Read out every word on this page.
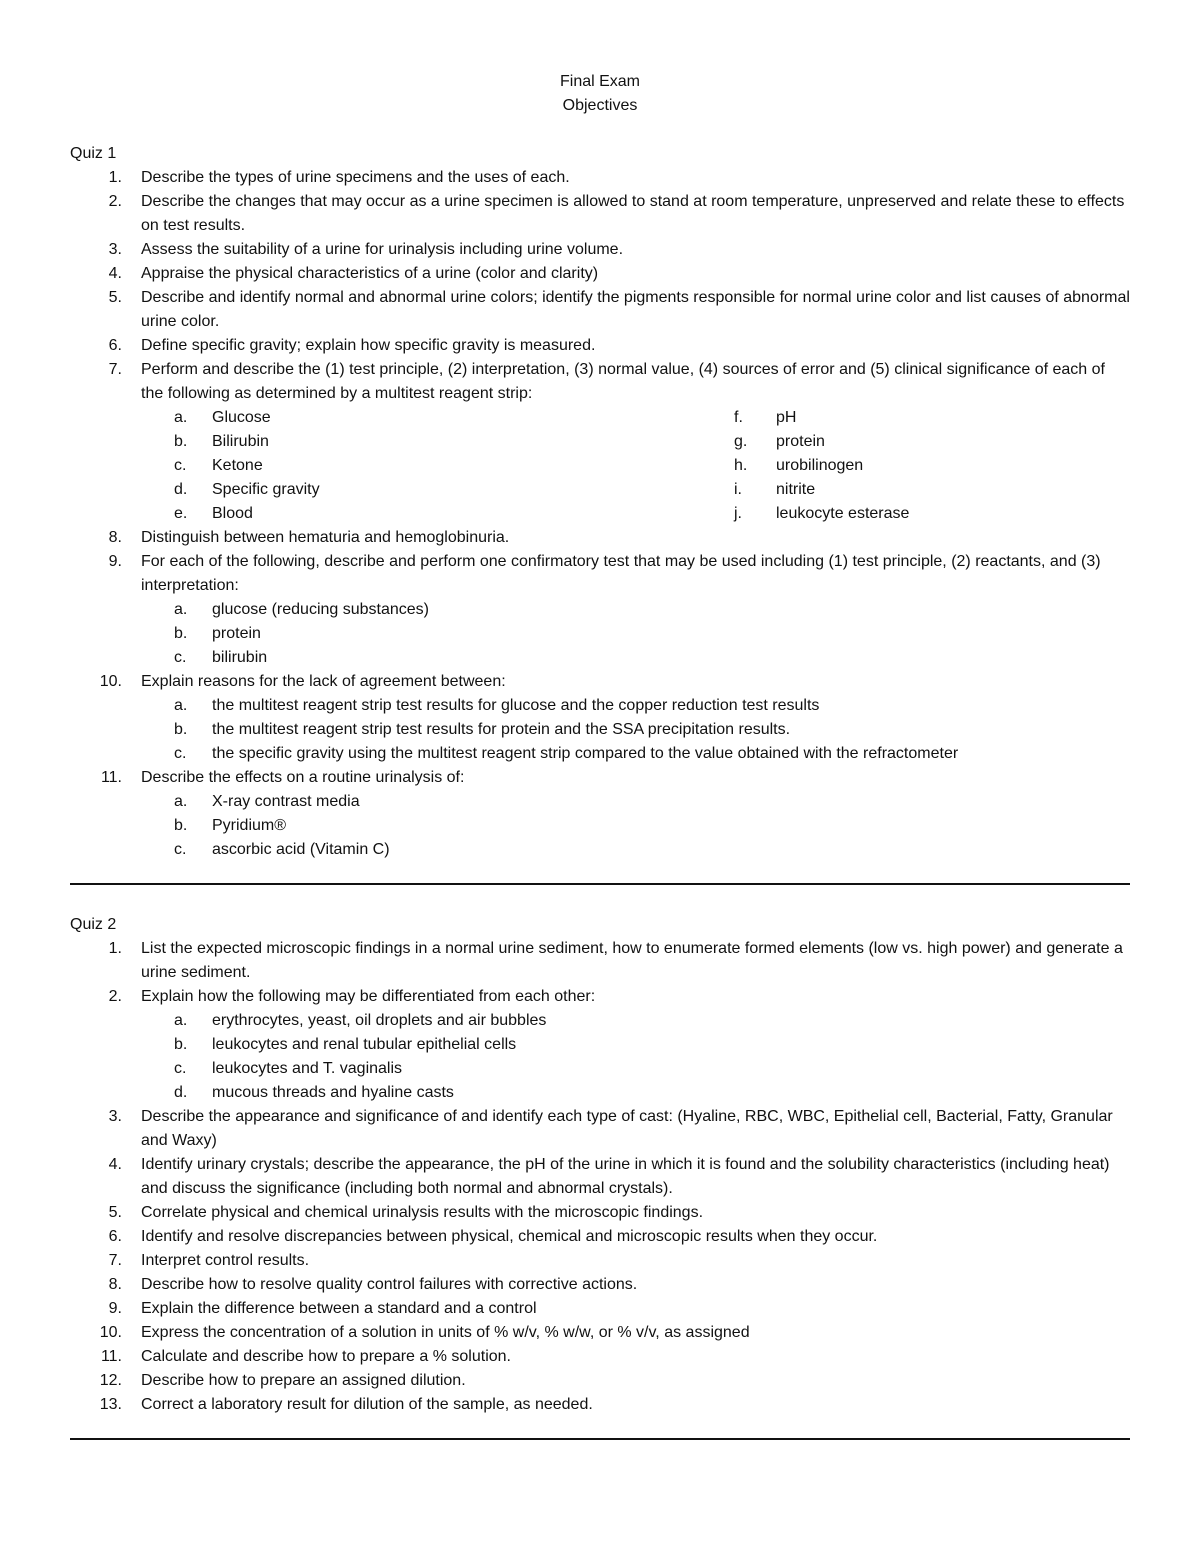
Final Exam
Objectives
Quiz 1
1.	Describe the types of urine specimens and the uses of each.
2.	Describe the changes that may occur as a urine specimen is allowed to stand at room temperature, unpreserved and relate these to effects on test results.
3.	Assess the suitability of a urine for urinalysis including urine volume.
4.	Appraise the physical characteristics of a urine (color and clarity)
5.	Describe and identify normal and abnormal urine colors; identify the pigments responsible for normal urine color and list causes of abnormal urine color.
6.	Define specific gravity; explain how specific gravity is measured.
7.	Perform and describe the (1) test principle, (2) interpretation, (3) normal value, (4) sources of error and (5) clinical significance of each of the following as determined by a multitest reagent strip:
a.	Glucose
b.	Bilirubin
c.	Ketone
d.	Specific gravity
e.	Blood
f.	pH
g.	protein
h.	urobilinogen
i.	nitrite
j.	leukocyte esterase
8.	Distinguish between hematuria and hemoglobinuria.
9.	For each of the following, describe and perform one confirmatory test that may be used including (1) test principle, (2) reactants, and (3) interpretation:
a.	glucose (reducing substances)
b.	protein
c.	bilirubin
10.	Explain reasons for the lack of agreement between:
a.	the multitest reagent strip test results for glucose and the copper reduction test results
b.	the multitest reagent strip test results for protein and the SSA precipitation results.
c.	the specific gravity using the multitest reagent strip compared to the value obtained with the refractometer
11.	Describe the effects on a routine urinalysis of:
a.	X-ray contrast media
b.	Pyridium®
c.	ascorbic acid (Vitamin C)
Quiz 2
1.	List the expected microscopic findings in a normal urine sediment, how to enumerate formed elements (low vs. high power) and generate a urine sediment.
2.	Explain how the following may be differentiated from each other:
a.	erythrocytes, yeast, oil droplets and air bubbles
b.	leukocytes and renal tubular epithelial cells
c.	leukocytes and T. vaginalis
d.	mucous threads and hyaline casts
3.	Describe the appearance and significance of and identify each type of cast: (Hyaline, RBC, WBC, Epithelial cell, Bacterial, Fatty, Granular and Waxy)
4.	Identify urinary crystals; describe the appearance, the pH of the urine in which it is found and the solubility characteristics (including heat) and discuss the significance (including both normal and abnormal crystals).
5.	Correlate physical and chemical urinalysis results with the microscopic findings.
6.	Identify and resolve discrepancies between physical, chemical and microscopic results when they occur.
7.	Interpret control results.
8.	Describe how to resolve quality control failures with corrective actions.
9.	Explain the difference between a standard and a control
10.	Express the concentration of a solution in units of % w/v, % w/w, or % v/v, as assigned
11.	Calculate and describe how to prepare a % solution.
12.	Describe how to prepare an assigned dilution.
13.	Correct a laboratory result for dilution of the sample, as needed.
